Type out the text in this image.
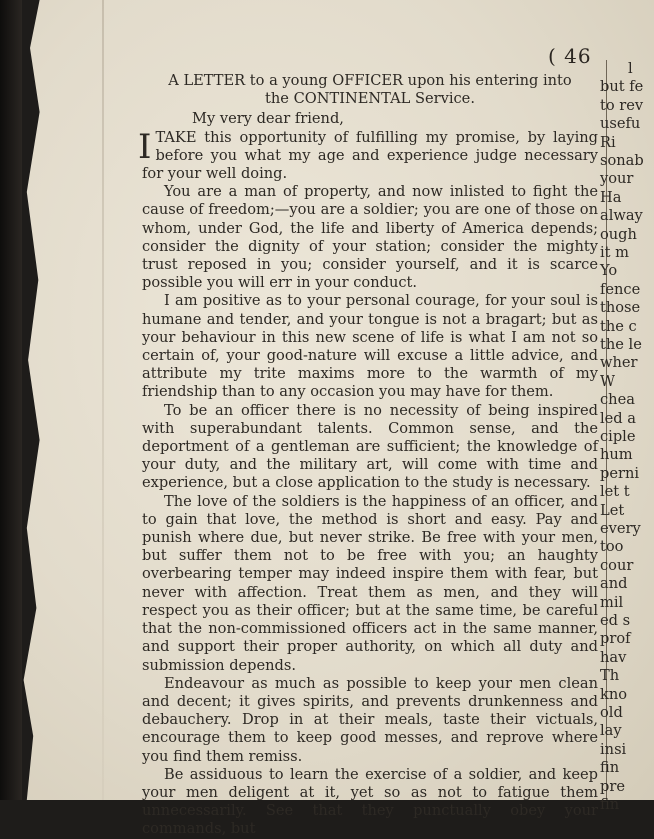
( 46
A LETTER to a young OFFICER upon his entering into
the CONTINENTAL Service.

My very dear friend,

ITAKE this opportunity of fulfilling my promise, by laying before you what my age and experience judge necessary for your well doing.

You are a man of property, and now inlisted to fight the cause of freedom;—you are a soldier; you are one of those on whom, under God, the life and liberty of America depends; consider the dignity of your station; consider the mighty trust reposed in you; consider yourself, and it is scarce possible you will err in your conduct.

I am positive as to your personal courage, for your soul is humane and tender, and your tongue is not a bragart; but as your behaviour in this new scene of life is what I am not so certain of, your good-nature will excuse a little advice, and attribute my trite maxims more to the warmth of my friendship than to any occasion you may have for them.

To be an officer there is no necessity of being inspired with superabundant talents. Common sense, and the deportment of a gentleman are sufficient; the knowledge of your duty, and the military art, will come with time and experience, but a close application to the study is necessary.

The love of the soldiers is the happiness of an officer, and to gain that love, the method is short and easy. Pay and punish where due, but never strike. Be free with your men, but suffer them not to be free with you; an haughty overbearing temper may indeed inspire them with fear, but never with affection. Treat them as men, and they will respect you as their officer; but at the same time, be careful that the non-commissioned officers act in the same manner, and support their proper authority, on which all duty and submission depends.

Endeavour as much as possible to keep your men clean and decent; it gives spirits, and prevents drunkenness and debauchery. Drop in at their meals, taste their victuals, encourage them to keep good messes, and reprove where you find them remiss.

Be assiduous to learn the exercise of a soldier, and keep your men deligent at it, yet so as not to fatigue them unnecessarily. See that they punctually obey your commands, but

l
but fe
to rev
usefu
Ri
sonab
your
Ha
alway
ough
it m
Yo
fence
those
the c
the le
wher
W
chea
led a
ciple
hum
perni
let t
Let
every
too
cour
and
mil
ed s
prof
hav
Th
kno
old
lay
insi
fin
pre
fin
